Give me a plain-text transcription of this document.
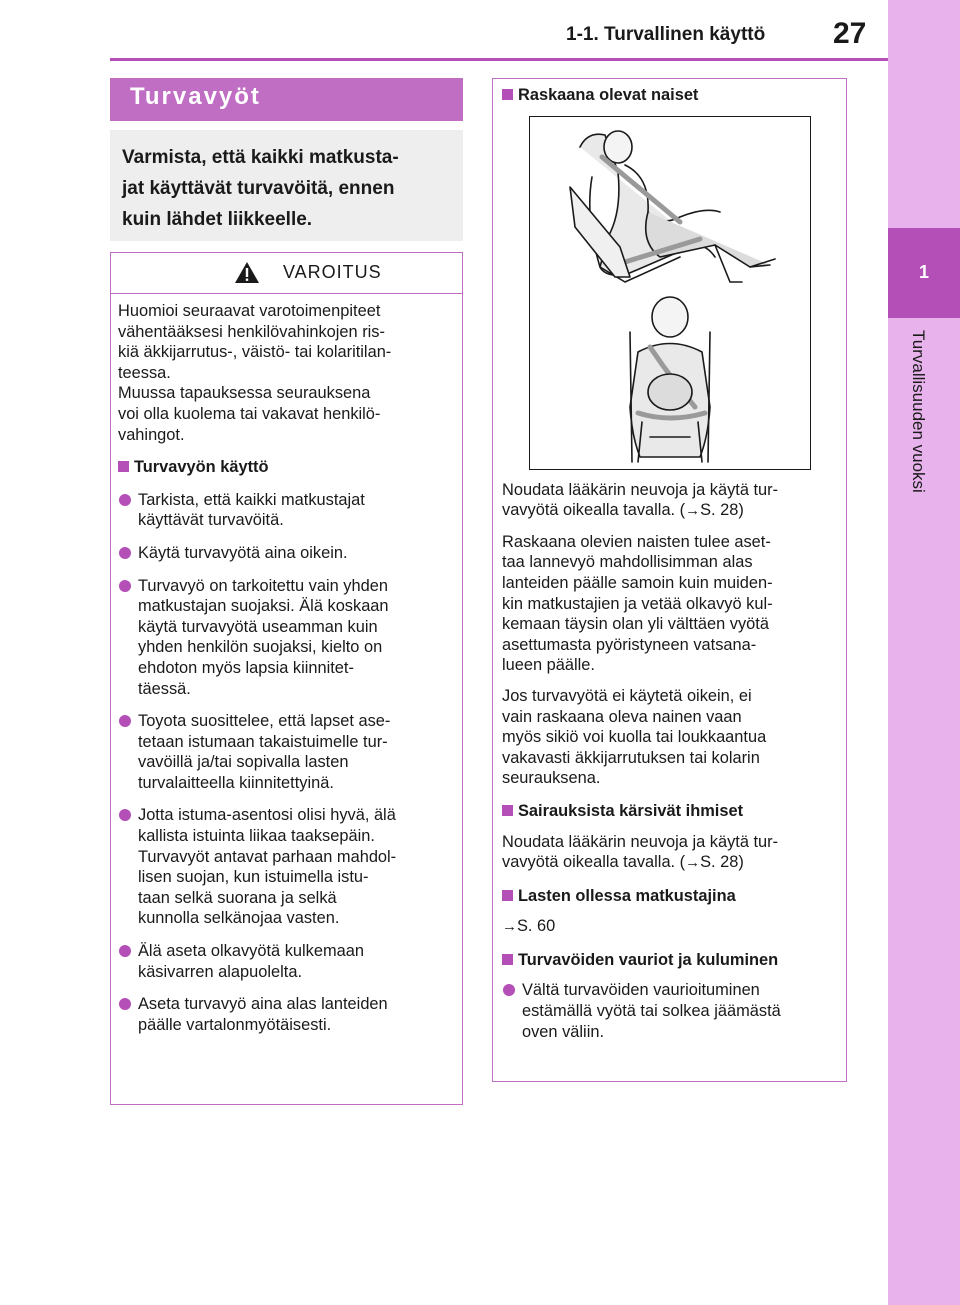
1
Turvallisuuden vuoksi
1-1. Turvallinen käyttö 27
Turvavyöt
Varmista, että kaikki matkusta-
jat käyttävät turvavöitä, ennen
kuin lähdet liikkeelle.
VAROITUS

Huomioi seuraavat varotoimenpiteet
vähentääksesi henkilövahinkojen ris-
kiä äkkijarrutus-, väistö- tai kolaritilan-
teessa.
Muussa tapauksessa seurauksena
voi olla kuolema tai vakavat henkilö-
vahingot.

Turvavyön käyttö

Tarkista, että kaikki matkustajat
käyttävät turvavöitä.

Käytä turvavyötä aina oikein.

Turvavyö on tarkoitettu vain yhden
matkustajan suojaksi. Älä koskaan
käytä turvavyötä useamman kuin
yhden henkilön suojaksi, kielto on
ehdoton myös lapsia kiinnitet-
täessä.

Toyota suosittelee, että lapset ase-
tetaan istumaan takaistuimelle tur-
vavöillä ja/tai sopivalla lasten
turvalaitteella kiinnitettyinä.

Jotta istuma-asentosi olisi hyvä, älä
kallista istuinta liikaa taaksepäin.
Turvavyöt antavat parhaan mahdol-
lisen suojan, kun istuimella istu-
taan selkä suorana ja selkä
kunnolla selkänojaa vasten.

Älä aseta olkavyötä kulkemaan
käsivarren alapuolelta.

Aseta turvavyö aina alas lanteiden
päälle vartalonmyötäisesti.

Raskaana olevat naiset

Noudata lääkärin neuvoja ja käytä tur-
vavyötä oikealla tavalla. (→S. 28)

Raskaana olevien naisten tulee aset-
taa lannevyö mahdollisimman alas
lanteiden päälle samoin kuin muiden-
kin matkustajien ja vetää olkavyö kul-
kemaan täysin olan yli välttäen vyötä
asettumasta pyöristyneen vatsana-
lueen päälle.

Jos turvavyötä ei käytetä oikein, ei
vain raskaana oleva nainen vaan
myös sikiö voi kuolla tai loukkaantua
vakavasti äkkijarrutuksen tai kolarin
seurauksena.

Sairauksista kärsivät ihmiset

Noudata lääkärin neuvoja ja käytä tur-
vavyötä oikealla tavalla. (→S. 28)

Lasten ollessa matkustajina

→S. 60

Turvavöiden vauriot ja kuluminen

Vältä turvavöiden vaurioituminen
estämällä vyötä tai solkea jäämästä
oven väliin.
